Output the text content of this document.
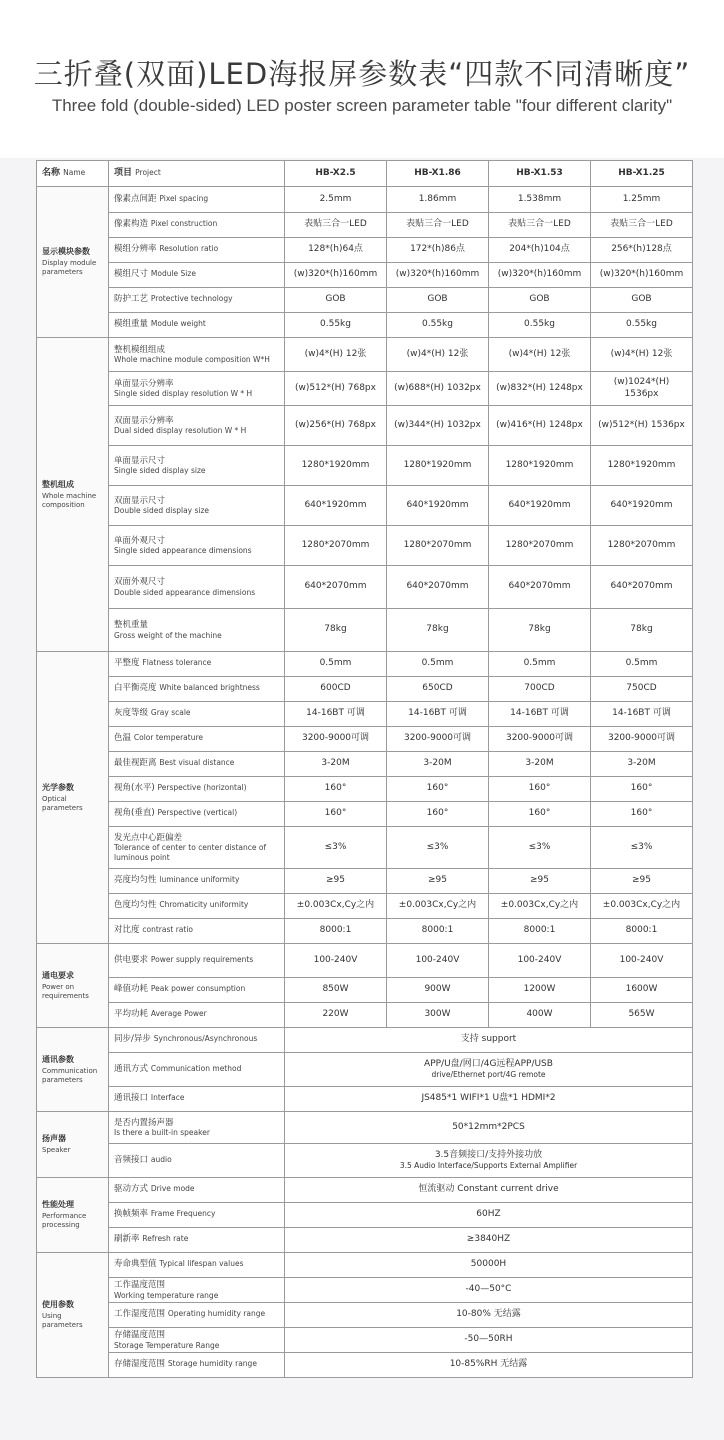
三折叠(双面)LED海报屏参数表“四款不同清晰度”
Three fold (double-sided) LED poster screen parameter table "four different clarity"
名称 Name	项目 Project	HB-X2.5	HB-X1.86	HB-X1.53	HB-X1.25

显示模块参数
Display module parameters	像素点间距 Pixel spacing	2.5mm	1.86mm	1.538mm	1.25mm
	像素构造 Pixel construction	表贴三合一LED	表贴三合一LED	表贴三合一LED	表贴三合一LED
	模组分辨率 Resolution ratio	128*(h)64点	172*(h)86点	204*(h)104点	256*(h)128点
	模组尺寸 Module Size	(w)320*(h)160mm	(w)320*(h)160mm	(w)320*(h)160mm	(w)320*(h)160mm
	防护工艺 Protective technology	GOB	GOB	GOB	GOB
	模组重量 Module weight	0.55kg	0.55kg	0.55kg	0.55kg

整机组成
Whole machine composition	整机模组组成
Whole machine module composition W*H	(w)4*(H) 12张	(w)4*(H) 12张	(w)4*(H) 12张	(w)4*(H) 12张

	单面显示分辨率
Single sided display resolution W * H	(w)512*(H) 768px	(w)688*(H) 1032px	(w)832*(H) 1248px	(w)1024*(H) 1536px

	双面显示分辨率
Dual sided display resolution W * H	(w)256*(H) 768px	(w)344*(H) 1032px	(w)416*(H) 1248px	(w)512*(H) 1536px

	单面显示尺寸
Single sided display size	1280*1920mm	1280*1920mm	1280*1920mm	1280*1920mm

	双面显示尺寸
Double sided display size	640*1920mm	640*1920mm	640*1920mm	640*1920mm

	单面外观尺寸
Single sided appearance dimensions	1280*2070mm	1280*2070mm	1280*2070mm	1280*2070mm

	双面外观尺寸
Double sided appearance dimensions	640*2070mm	640*2070mm	640*2070mm	640*2070mm

	整机重量
Gross weight of the machine	78kg	78kg	78kg	78kg

光学参数
Optical parameters	平整度 Flatness tolerance	0.5mm	0.5mm	0.5mm	0.5mm
	白平衡亮度 White balanced brightness	600CD	650CD	700CD	750CD
	灰度等级 Gray scale	14-16BT 可调	14-16BT 可调	14-16BT 可调	14-16BT 可调
	色温 Color temperature	3200-9000可调	3200-9000可调	3200-9000可调	3200-9000可调
	最佳视距离 Best visual distance	3-20M	3-20M	3-20M	3-20M
	视角(水平) Perspective (horizontal)	160°	160°	160°	160°
	视角(垂直) Perspective (vertical)	160°	160°	160°	160°

	发光点中心距偏差
Tolerance of center to center distance of luminous point	≤3%	≤3%	≤3%	≤3%
	亮度均匀性 luminance uniformity	≥95	≥95	≥95	≥95
	色度均匀性 Chromaticity uniformity	±0.003Cx,Cy之内	±0.003Cx,Cy之内	±0.003Cx,Cy之内	±0.003Cx,Cy之内
	对比度 contrast ratio	8000:1	8000:1	8000:1	8000:1

通电要求
Power on requirements	供电要求 Power supply requirements	100-240V	100-240V	100-240V	100-240V
	峰值功耗 Peak power consumption	850W	900W	1200W	1600W
	平均功耗 Average Power	220W	300W	400W	565W

通讯参数
Communication parameters	同步/异步 Synchronous/Asynchronous	支持 support			
	通讯方式 Communication method	APP/U盘/网口/4G远程APP/USB
drive/Ethernet port/4G remote			

	通讯接口 Interface	JS485*1 WIFI*1 U盘*1 HDMI*2			

扬声器
Speaker	是否内置扬声器
Is there a built-in speaker	50*12mm*2PCS			
	音频接口 audio	3.5音频接口/支持外接功放
3.5 Audio Interface/Supports External Amplifier			

性能处理
Performance processing	驱动方式 Drive mode	恒流驱动 Constant current drive			
	换帧频率 Frame Frequency	60HZ			
	刷新率 Refresh rate	≥3840HZ			

使用参数
Using parameters	寿命典型值 Typical lifespan values	50000H			

	工作温度范围
Working temperature range	-40—50°C			
	工作湿度范围 Operating humidity range	10-80% 无结露			

	存储温度范围
Storage Temperature Range	-50—50RH			
	存储湿度范围 Storage humidity range	10-85%RH 无结露			
